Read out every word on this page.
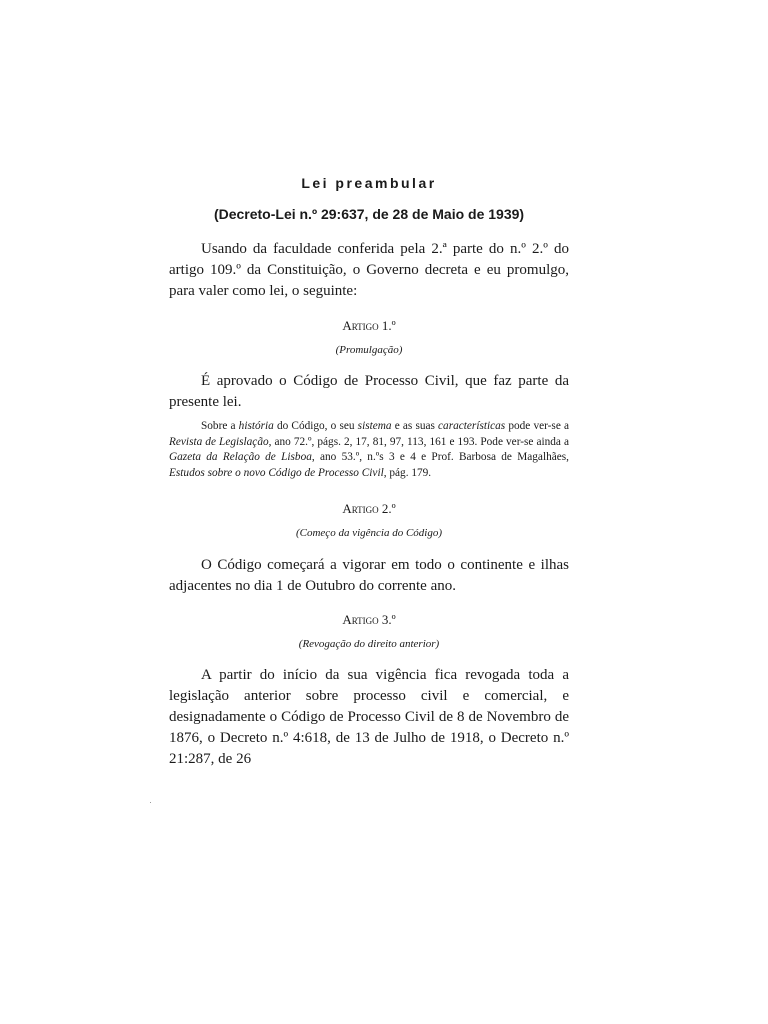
Lei preambular
(Decreto-Lei n.º 29:637, de 28 de Maio de 1939)

Usando da faculdade conferida pela 2.ª parte do n.º 2.º do artigo 109.º da Constituição, o Governo decreta e eu promulgo, para valer como lei, o seguinte:

Artigo 1.º
(Promulgação)

É aprovado o Código de Processo Civil, que faz parte da presente lei.

Sobre a história do Código, o seu sistema e as suas características pode ver-se a Revista de Legislação, ano 72.º, págs. 2, 17, 81, 97, 113, 161 e 193. Pode ver-se ainda a Gazeta da Relação de Lisboa, ano 53.º, n.ºs 3 e 4 e Prof. Barbosa de Magalhães, Estudos sobre o novo Código de Processo Civil, pág. 179.

Artigo 2.º
(Começo da vigência do Código)

O Código começará a vigorar em todo o continente e ilhas adjacentes no dia 1 de Outubro do corrente ano.

Artigo 3.º
(Revogação do direito anterior)

A partir do início da sua vigência fica revogada toda a legislação anterior sobre processo civil e comercial, e designadamente o Código de Processo Civil de 8 de Novembro de 1876, o Decreto n.º 4:618, de 13 de Julho de 1918, o Decreto n.º 21:287, de 26
